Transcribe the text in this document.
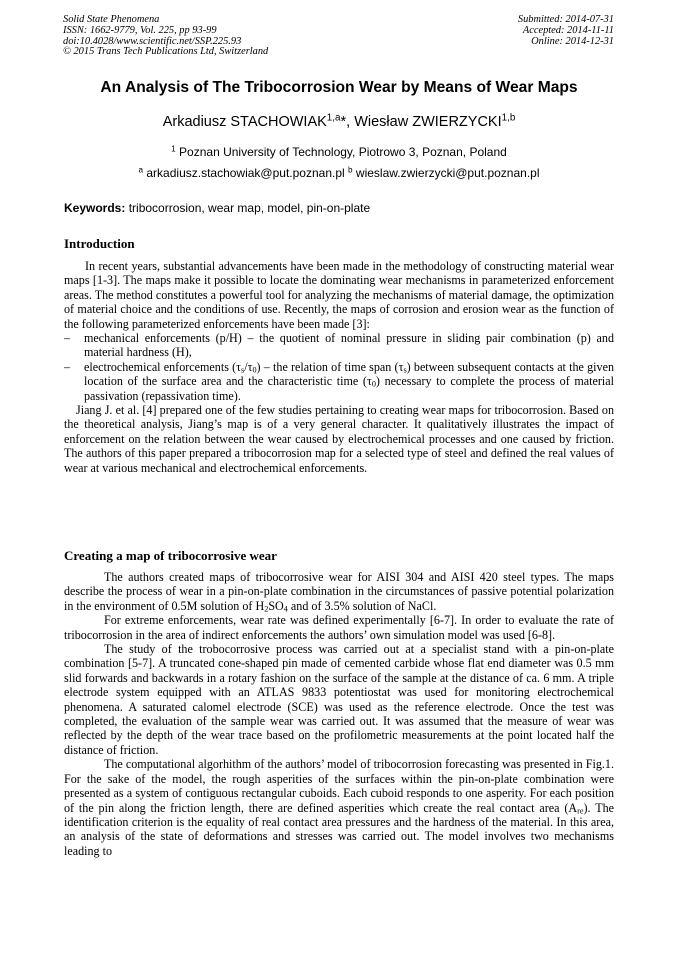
Solid State Phenomena
ISSN: 1662-9779, Vol. 225, pp 93-99
doi:10.4028/www.scientific.net/SSP.225.93
© 2015 Trans Tech Publications Ltd, Switzerland
Submitted: 2014-07-31
Accepted: 2014-11-11
Online: 2014-12-31
An Analysis of The Tribocorrosion Wear by Means of Wear Maps
Arkadiusz STACHOWIAK$^{1,a}$*, Wiesław ZWIERZYCKI$^{1,b}$
$^1$ Poznan University of Technology, Piotrowo 3, Poznan, Poland
$^a$ arkadiusz.stachowiak@put.poznan.pl $^b$ wieslaw.zwierzycki@put.poznan.pl
Keywords: tribocorrosion, wear map, model, pin-on-plate
Introduction

In recent years, substantial advancements have been made in the methodology of constructing material wear maps [1-3]. The maps make it possible to locate the dominating wear mechanisms in parameterized enforcement areas. The method constitutes a powerful tool for analyzing the mechanisms of material damage, the optimization of material choice and the conditions of use. Recently, the maps of corrosion and erosion wear as the function of the following parameterized enforcements have been made [3]:

– mechanical enforcements (p/H) – the quotient of nominal pressure in sliding pair combination (p) and material hardness (H),
– electrochemical enforcements $(\tau_s/\tau_0)$ – the relation of time span $(\tau_s)$ between subsequent contacts at the given location of the surface area and the characteristic time $(\tau_0)$ necessary to complete the process of material passivation (repassivation time).

Jiang J. et al. [4] prepared one of the few studies pertaining to creating wear maps for tribocorrosion. Based on the theoretical analysis, Jiang’s map is of a very general character. It qualitatively illustrates the impact of enforcement on the relation between the wear caused by electrochemical processes and one caused by friction. The authors of this paper prepared a tribocorrosion map for a selected type of steel and defined the real values of wear at various mechanical and electrochemical enforcements.

Creating a map of tribocorrosive wear

The authors created maps of tribocorrosive wear for AISI 304 and AISI 420 steel types. The maps describe the process of wear in a pin-on-plate combination in the circumstances of passive potential polarization in the environment of 0.5M solution of $H_2SO_4$ and of 3.5% solution of NaCl.

For extreme enforcements, wear rate was defined experimentally [6-7]. In order to evaluate the rate of tribocorrosion in the area of indirect enforcements the authors’ own simulation model was used [6-8].

The study of the trobocorrosive process was carried out at a specialist stand with a pin-on-plate combination [5-7]. A truncated cone-shaped pin made of cemented carbide whose flat end diameter was 0.5 mm slid forwards and backwards in a rotary fashion on the surface of the sample at the distance of ca. 6 mm. A triple electrode system equipped with an ATLAS 9833 potentiostat was used for monitoring electrochemical phenomena. A saturated calomel electrode (SCE) was used as the reference electrode. Once the test was completed, the evaluation of the sample wear was carried out. It was assumed that the measure of wear was reflected by the depth of the wear trace based on the profilometric measurements at the point located half the distance of friction.

The computational algorhithm of the authors’ model of tribocorrosion forecasting was presented in Fig.1. For the sake of the model, the rough asperities of the surfaces within the pin-on-plate combination were presented as a system of contiguous rectangular cuboids. Each cuboid responds to one asperity. For each position of the pin along the friction length, there are defined asperities which create the real contact area $(A_{re})$. The identification criterion is the equality of real contact area pressures and the hardness of the material. In this area, an analysis of the state of deformations and stresses was carried out. The model involves two mechanisms leading to
